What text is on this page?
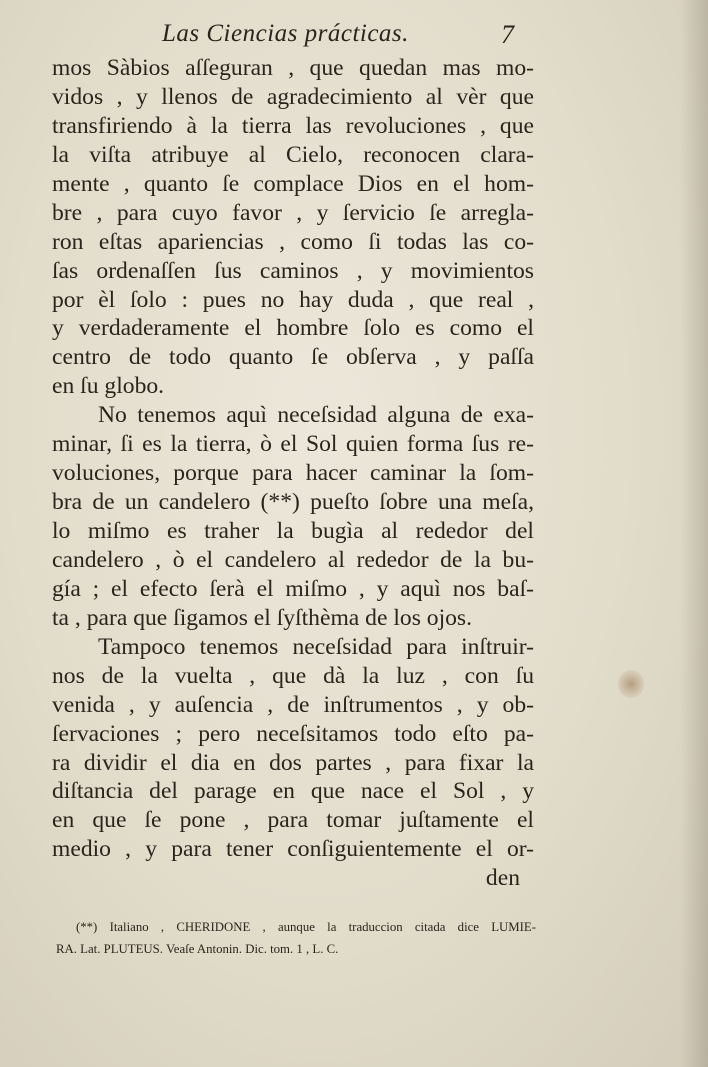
Las Ciencias prácticas.	7
mos Sàbios aſſeguran , que quedan mas mo-
vidos , y llenos de agradecimiento al vèr que
transfiriendo à la tierra las revoluciones , que
la viſta atribuye al Cielo, reconocen clara-
mente , quanto ſe complace Dios en el hom-
bre , para cuyo favor , y ſervicio ſe arregla-
ron eſtas apariencias , como ſi todas las co-
ſas ordenaſſen ſus caminos , y movimientos
por èl ſolo : pues no hay duda , que real ,
y verdaderamente el hombre ſolo es como el
centro de todo quanto ſe obſerva , y paſſa
en ſu globo.
No tenemos aquì neceſsidad alguna de exa-
minar, ſi es la tierra, ò el Sol quien forma ſus re-
voluciones, porque para hacer caminar la ſom-
bra de un candelero (**) pueſto ſobre una meſa,
lo miſmo es traher la bugìa al rededor del
candelero , ò el candelero al rededor de la bu-
gía ; el efecto ſerà el miſmo , y aquì nos baſ-
ta , para que ſigamos el ſyſthèma de los ojos.
Tampoco tenemos neceſsidad para inſtruir-
nos de la vuelta , que dà la luz , con ſu
venida , y auſencia , de inſtrumentos , y ob-
ſervaciones ; pero neceſsitamos todo eſto pa-
ra dividir el dia en dos partes , para fixar la
diſtancia del parage en que nace el Sol , y
en que ſe pone , para tomar juſtamente el
medio , y para tener conſiguientemente el or-
den
(**) Italiano , CHERIDONE , aunque la traduccion citada dice LUMIE-
RA. Lat. PLUTEUS. Veaſe Antonin. Dic. tom. 1 , L. C.
